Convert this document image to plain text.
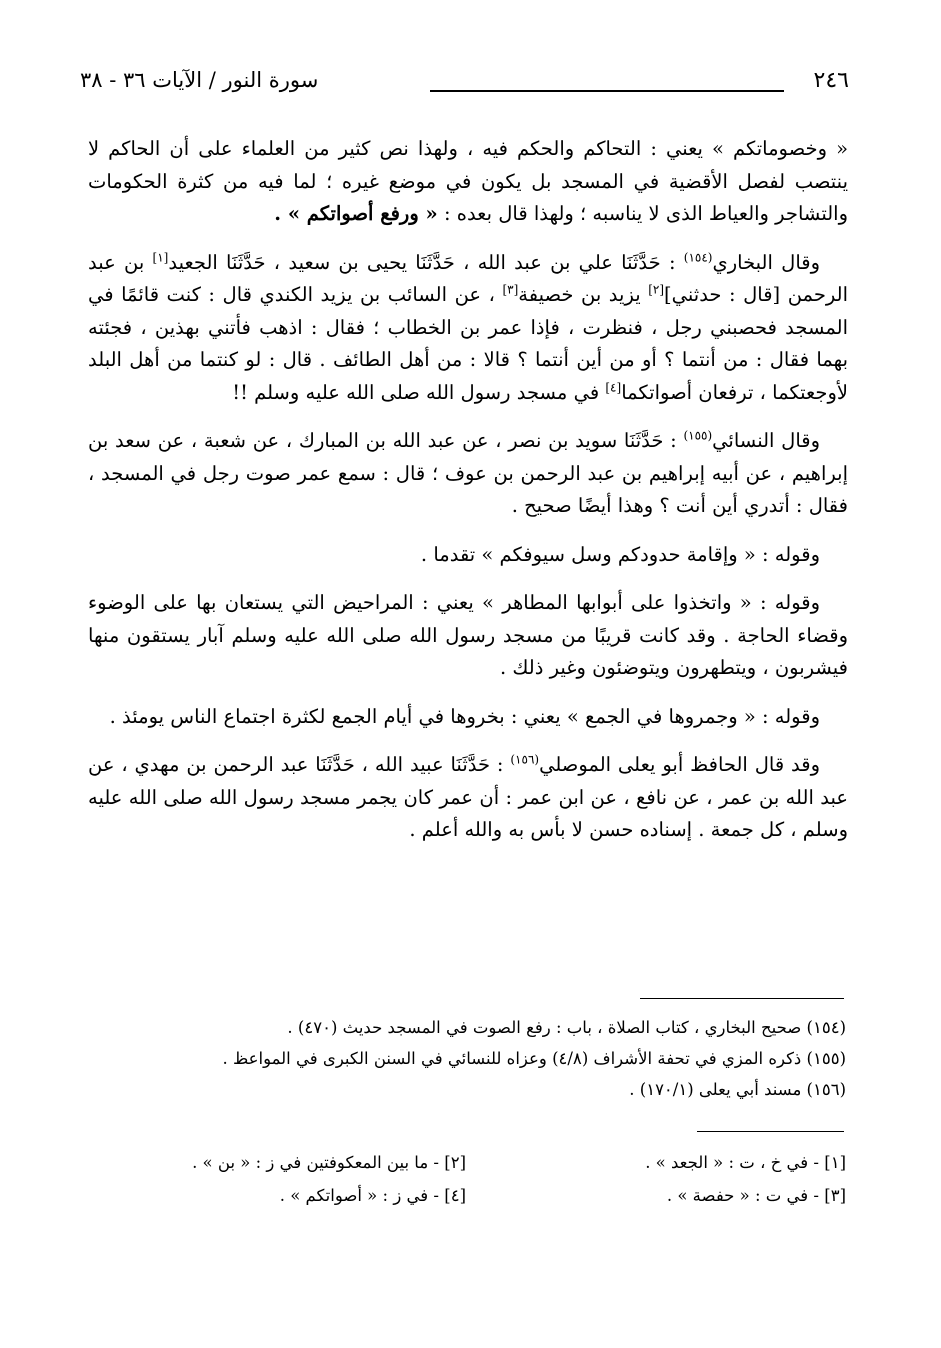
٢٤٦
سورة النور / الآيات ٣٦ - ٣٨

« وخصوماتكم » يعني : التحاكم والحكم فيه ، ولهذا نص كثير من العلماء على أن الحاكم لا ينتصب لفصل الأقضية في المسجد بل يكون في موضع غيره ؛ لما فيه من كثرة الحكومات والتشاجر والعياط الذى لا يناسبه ؛ ولهذا قال بعده : « ورفع أصواتكم » .

وقال البخاري$^{(١٥٤)}$ : حَدَّثَنَا علي بن عبد الله ، حَدَّثَنَا يحيى بن سعيد ، حَدَّثَنَا الجعيد[١] بن عبد الرحمن [قال : حدثني][٢] يزيد بن خصيفة[٣] ، عن السائب بن يزيد الكندي قال : كنت قائمًا في المسجد فحصبني رجل ، فنظرت ، فإذا عمر بن الخطاب ؛ فقال : اذهب فأتني بهذين ، فجئته بهما فقال : من أنتما ؟ أو من أين أنتما ؟ قالا : من أهل الطائف . قال : لو كنتما من أهل البلد لأوجعتكما ، ترفعان أصواتكما[٤] في مسجد رسول الله صلى الله عليه وسلم !!

وقال النسائي$^{(١٥٥)}$ : حَدَّثَنَا سويد بن نصر ، عن عبد الله بن المبارك ، عن شعبة ، عن سعد بن إبراهيم ، عن أبيه إبراهيم بن عبد الرحمن بن عوف ؛ قال : سمع عمر صوت رجل في المسجد ، فقال : أتدري أين أنت ؟ وهذا أيضًا صحيح .

وقوله : « وإقامة حدودكم وسل سيوفكم » تقدما .

وقوله : « واتخذوا على أبوابها المطاهر » يعني : المراحيض التي يستعان بها على الوضوء وقضاء الحاجة . وقد كانت قريبًا من مسجد رسول الله صلى الله عليه وسلم آبار يستقون منها فيشربون ، ويتطهرون ويتوضئون وغير ذلك .

وقوله : « وجمروها في الجمع » يعني : بخروها في أيام الجمع لكثرة اجتماع الناس يومئذ .

وقد قال الحافظ أبو يعلى الموصلي$^{(١٥٦)}$ : حَدَّثَنَا عبيد الله ، حَدَّثَنَا عبد الرحمن بن مهدي ، عن عبد الله بن عمر ، عن نافع ، عن ابن عمر : أن عمر كان يجمر مسجد رسول الله صلى الله عليه وسلم ، كل جمعة . إسناده حسن لا بأس به والله أعلم .

(١٥٤) صحيح البخاري ، كتاب الصلاة ، باب : رفع الصوت في المسجد حديث (٤٧٠) .
(١٥٥) ذكره المزي في تحفة الأشراف (٤/٨) وعزاه للنسائي في السنن الكبرى في المواعظ .
(١٥٦) مسند أبي يعلى (١٧٠/١) .
[١] - في خ ، ت : « الجعد » .
[٢] - ما بين المعكوفتين في ز : « بن » .
[٣] - في ت : « حفصة » .
[٤] - في ز : « أصواتكم » .
